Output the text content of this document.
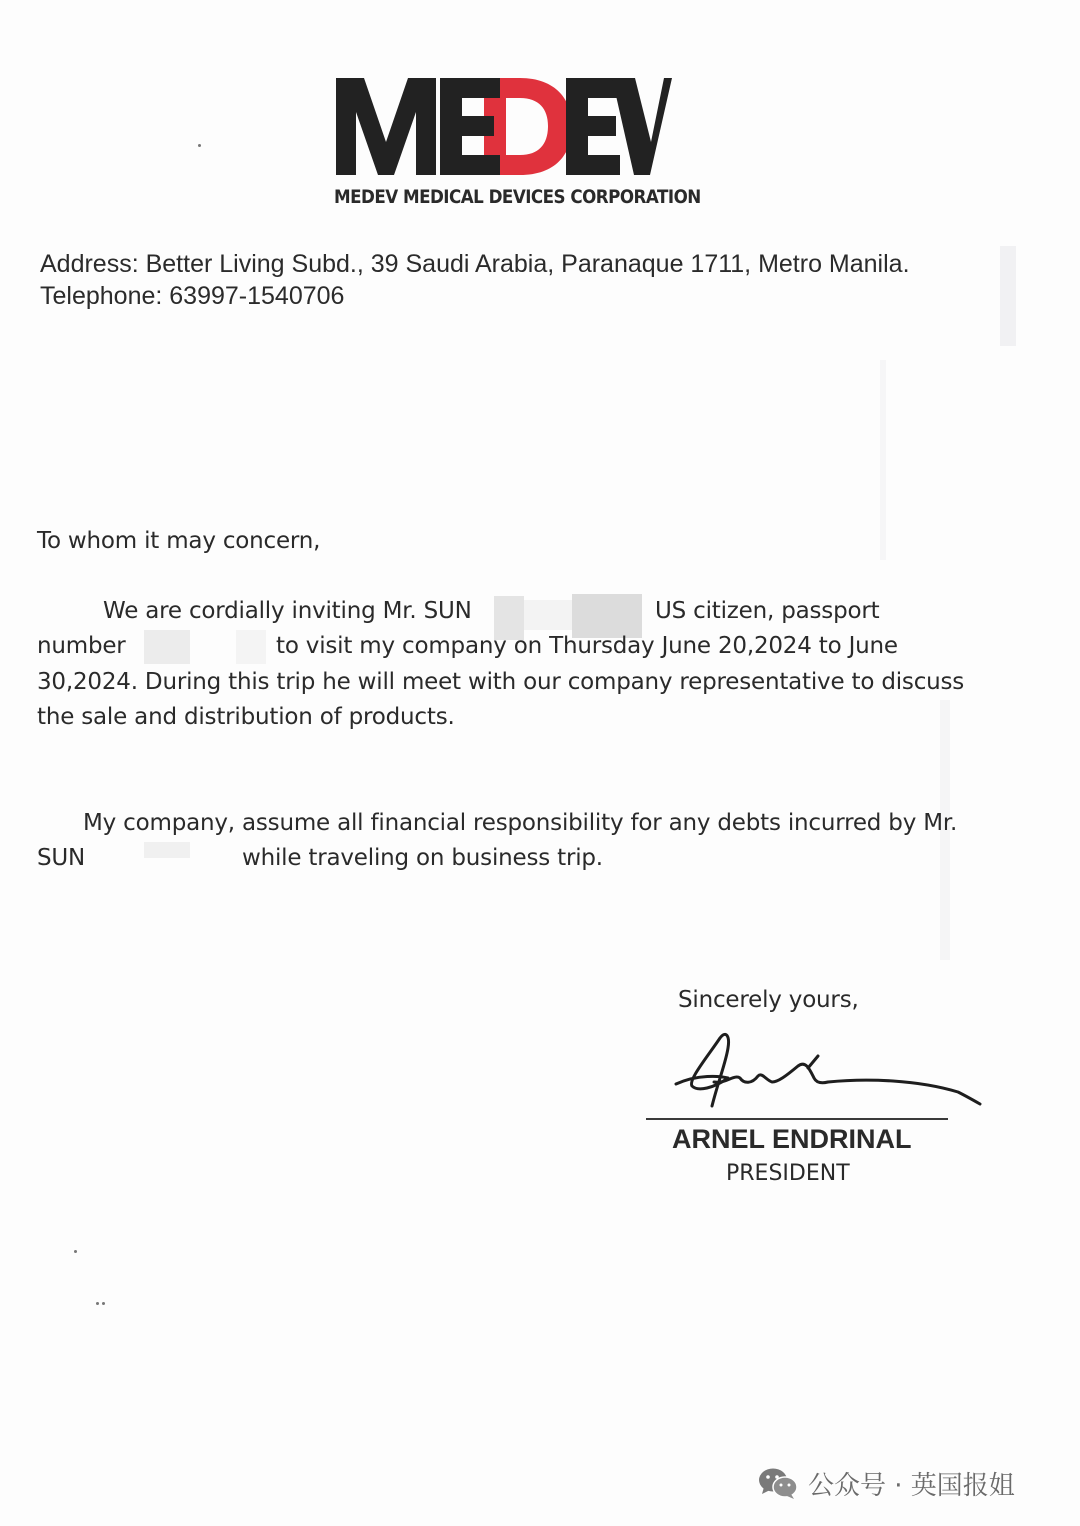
MEDEV MEDICAL DEVICES CORPORATION
Address: Better Living Subd., 39 Saudi Arabia, Paranaque 1711, Metro Manila.
Telephone: 63997-1540706
To whom it may concern,
We are cordially inviting Mr. SUN	US citizen, passport
number	to visit my company on Thursday June 20,2024 to June
30,2024. During this trip he will meet with our company representative to discuss
the sale and distribution of products.
My company, assume all financial responsibility for any debts incurred by Mr.
SUN	while traveling on business trip.
Sincerely yours,
ARNEL ENDRINAL
PRESIDENT
公众号 · 英国报姐
